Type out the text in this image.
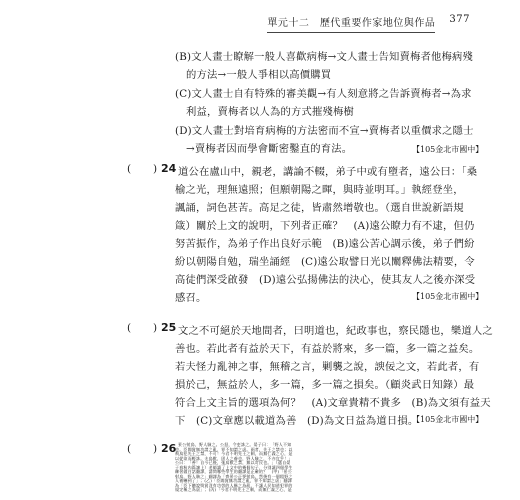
單元十二　歷代重要作家地位與作品 377
(B)文人畫士瞭解一般人喜歡病梅→文人畫士告知賣梅者他梅病殘
的方法→一般人爭相以高價購買
(C)文人畫士自有特殊的審美觀→有人刻意將之告訴賣梅者→為求
利益，賣梅者以人為的方式摧殘梅樹
(D)文人畫士對培育病梅的方法密而不宣→賣梅者以重價求之隱士
→賣梅者因而學會斷密鑿直的育法。	【105金北市國中】
( ) 24 道公在盧山中，親老，講論不輟，弟子中或有墮者，遠公曰：「桑
榆之光，理無遠照；但願朝陽之暉，與時並明耳。」執經登坐，
諷誦，詞色甚苦。高足之徒，皆肅然增敬也。（選自世說新語規
箴）關於上文的說明，下列者正確？　(A)遠公瞭力有不逮，但仍
努苦振作，為弟子作出良好示範　(B)遠公苦心調示後，弟子們紛
紛以朝陽自勉，瑞坐誦經　(C)遠公取譬日光以闡釋佛法精要，令
高徒們深受啟發　(D)遠公弘揚佛法的決心，使其友人之後亦深受
感召。	【105金北市國中】
( ) 25 文之不可絕於天地間者，曰明道也，紀政事也，察民隱也，樂道人之
善也。若此者有益於天下，有益於將來，多一篇，多一篇之益矣。
若夫怪力亂神之事，無稽之言，剿襲之說，諛佞之文，若此者，有
損於己，無益於人，多一篇，多一篇之損矣。（顧炎武日知錄）最
符合上文主旨的選項為何？　(A)文章貴精不貴多　(B)為文須有益天
下　(C)文章應以載道為善　(D)為文日益為道日損。
【105金北市國中】
( ) 26 景公射鳥，野人駭之。公怒，令吏誅之。晏子曰：「野人不知
也。臣聞賞無功謂之亂，罪不知謂之虐。兩者，先王之禁也；以
飛鳥犯先王之禁，不可！今君不明先王之制，而無仁義之心，是
以從欲而輕誅。夫鳥獸，固人之養也，野人駭之，不亦宜乎！」
公曰：「善！自今已後，弛鳥獸之禁，無以苛民也。」（選自晏
子春秋內篇諫上）老師讀了上文中的幾個句子，分別讓四個學生
練習做白話翻譯，請問哪些學生的翻譯是正確的？　(甲)「景公
射鳥，野人駭之」翻譯為「齊景公正要射鳥，然後有一個粗野之
人被嚇到了」；(乙)「臣聞賞無功謂之亂，罪不知謂之虐」翻譯
為「臣下聽說獎賞沒有功勞的人稱之為亂，不讓人民知道犯罪的
規定稱之為虐」；(丙)「今君不明先王之制，而無仁義之心，是
